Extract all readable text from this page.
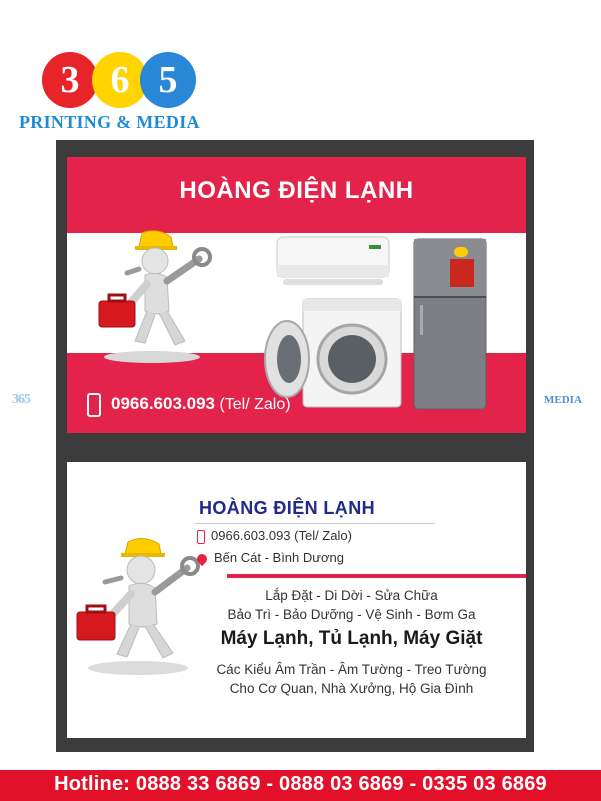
3 6 5
PRINTING & MEDIA
365	MEDIA
HOÀNG ĐIỆN LẠNH
0966.603.093 (Tel/ Zalo)
HOÀNG ĐIỆN LẠNH
0966.603.093 (Tel/ Zalo)
Bến Cát - Bình Dương
Lắp Đặt - Di Dời - Sửa Chữa
Bảo Trì - Bảo Dưỡng - Vệ Sinh - Bơm Ga
Máy Lạnh, Tủ Lạnh, Máy Giặt
Các Kiểu Âm Trần - Âm Tường - Treo Tường
Cho Cơ Quan, Nhà Xưởng, Hộ Gia Đình
Hotline: 0888 33 6869 - 0888 03 6869 - 0335 03 6869
